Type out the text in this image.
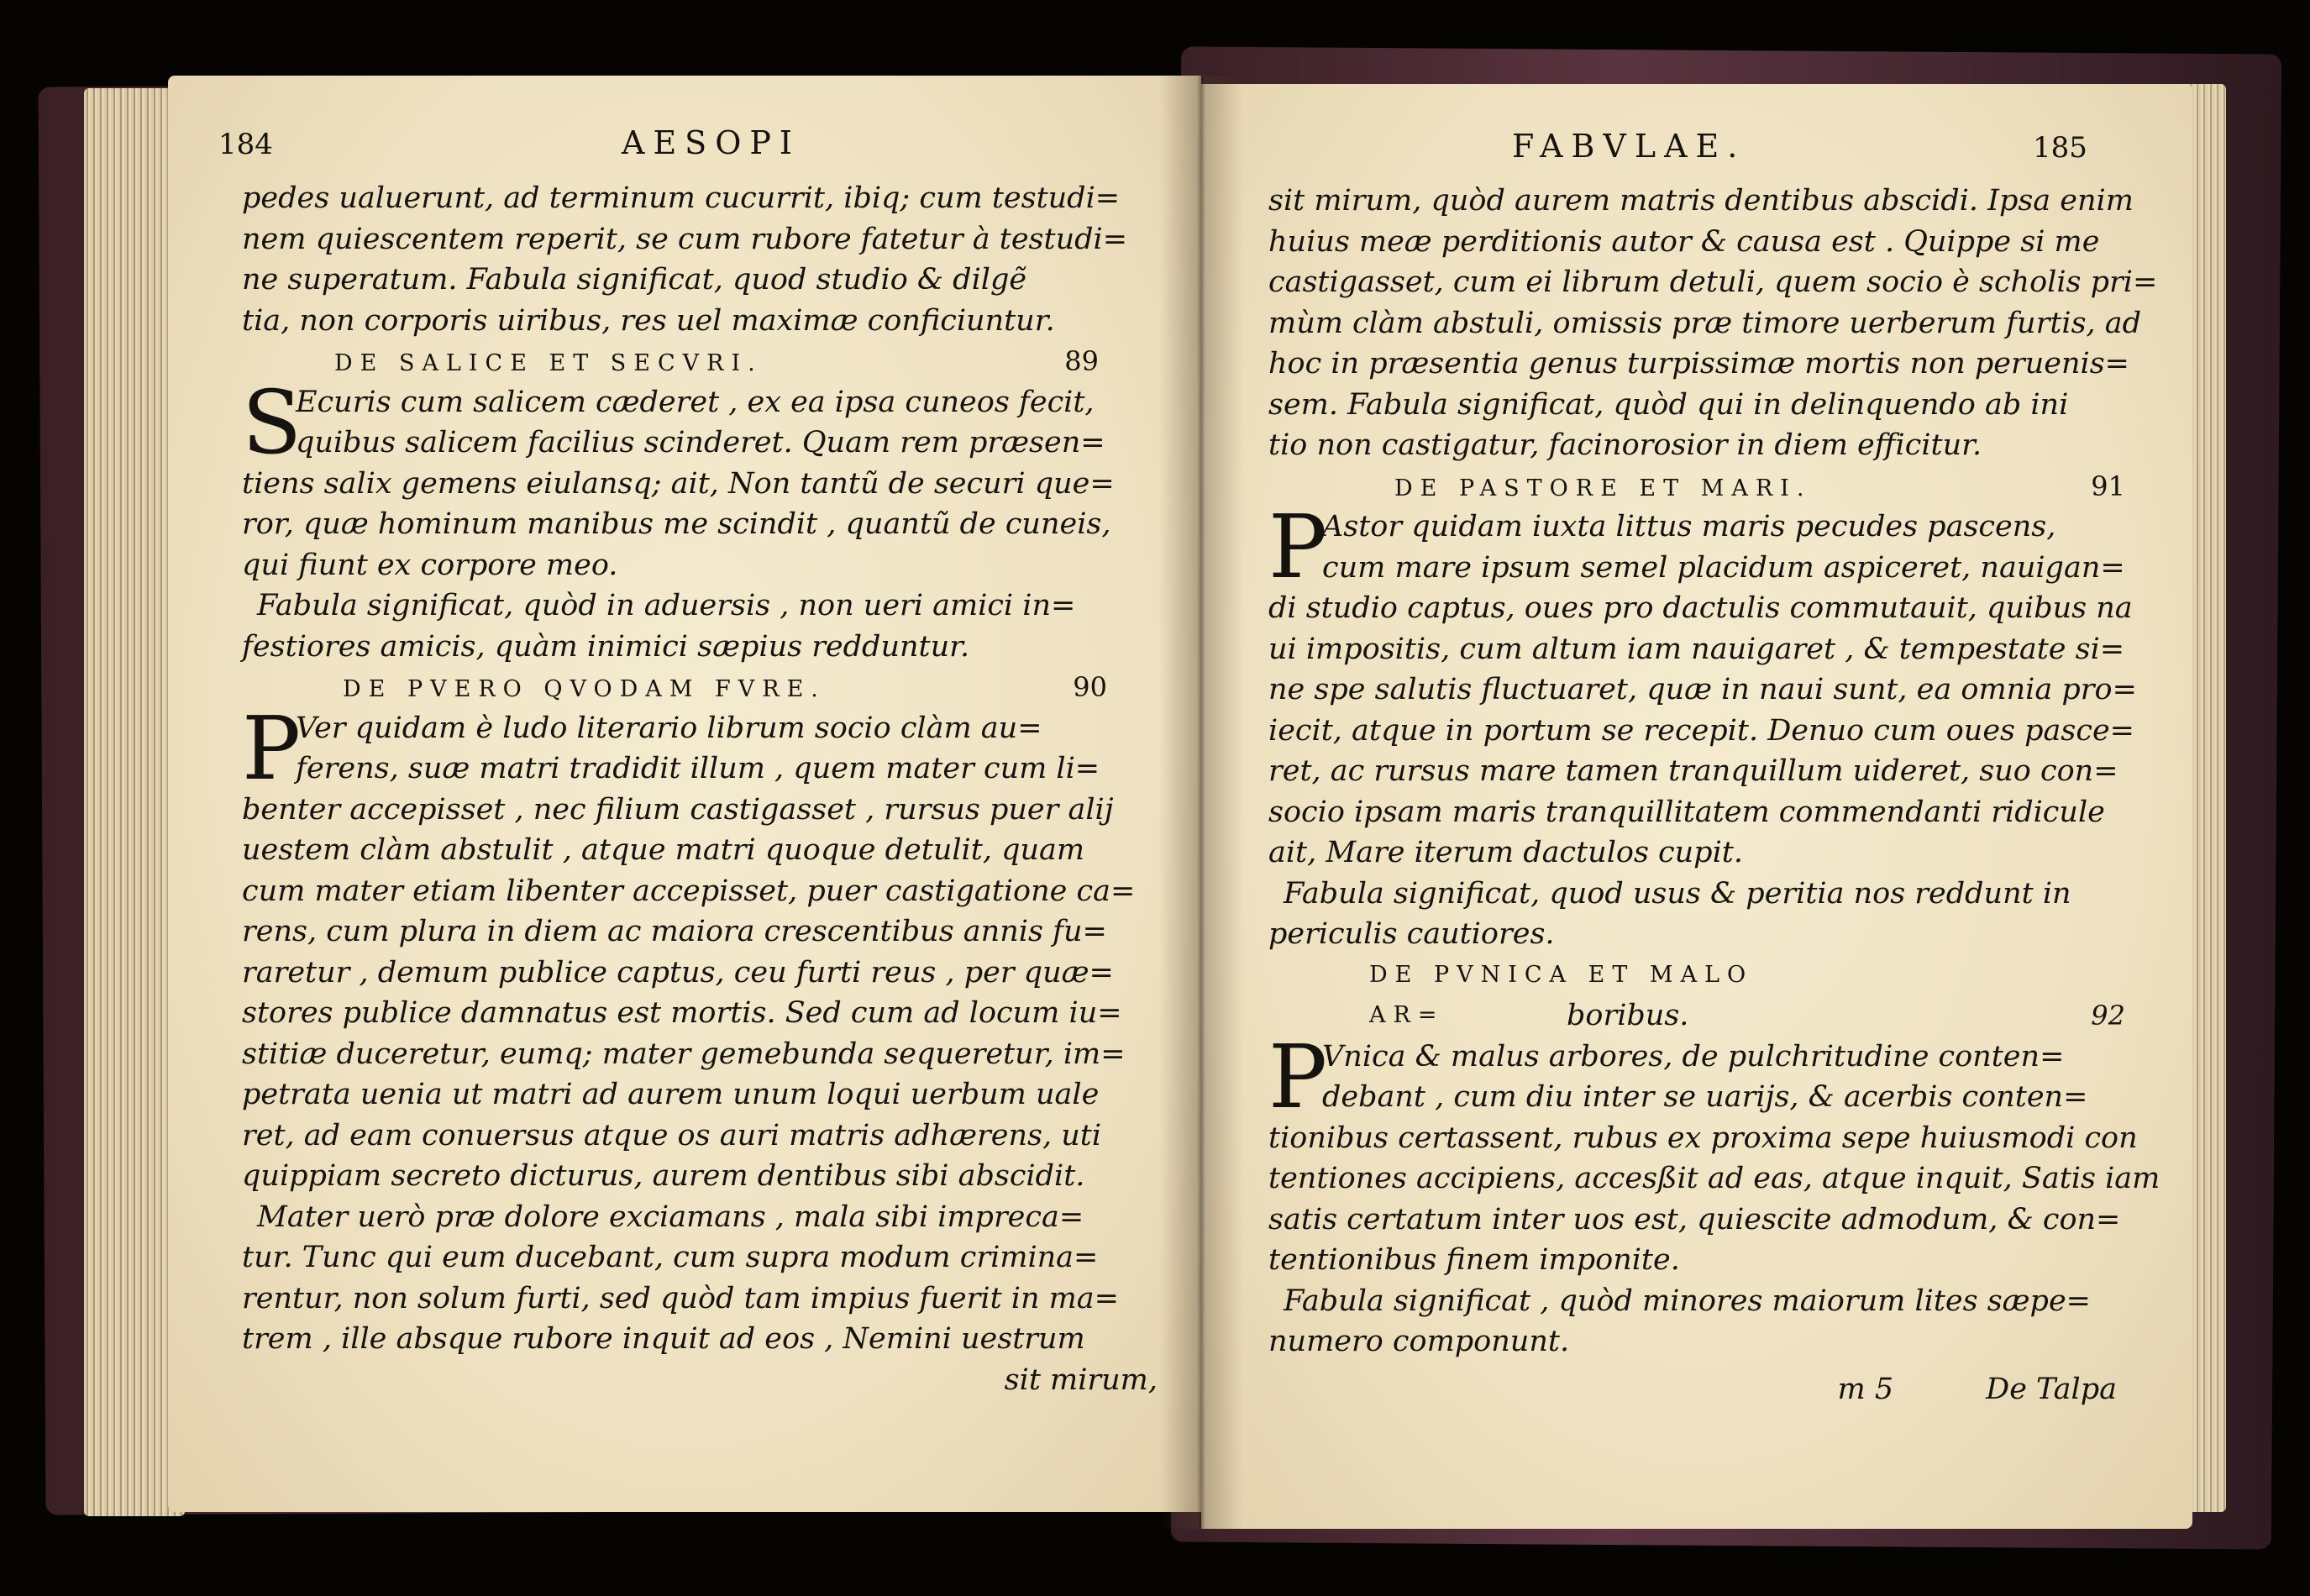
184	AESOPI
pedes ualuerunt, ad terminum cucurrit, ibiq; cum testudi=
nem quiescentem reperit, se cum rubore fatetur à testudi=
ne superatum. Fabula significat, quod studio & dilgẽ
tia, non corporis uiribus, res uel maximæ conficiuntur.
DE SALICE ET SECVRI.	89
S
Ecuris cum salicem cæderet , ex ea ipsa cuneos fecit,
quibus salicem facilius scinderet. Quam rem præsen=
tiens salix gemens eiulansq; ait, Non tantũ de securi que=
ror, quæ hominum manibus me scindit , quantũ de cuneis,
qui fiunt ex corpore meo.
Fabula significat, quòd in aduersis , non ueri amici in=
festiores amicis, quàm inimici sæpius redduntur.
DE PVERO QVODAM FVRE.	90
P
Ver quidam è ludo literario librum socio clàm au=
ferens, suæ matri tradidit illum , quem mater cum li=
benter accepisset , nec filium castigasset , rursus puer alij
uestem clàm abstulit , atque matri quoque detulit, quam
cum mater etiam libenter accepisset, puer castigatione ca=
rens, cum plura in diem ac maiora crescentibus annis fu=
raretur , demum publice captus, ceu furti reus , per quæ=
stores publice damnatus est mortis. Sed cum ad locum iu=
stitiæ duceretur, eumq; mater gemebunda sequeretur, im=
petrata uenia ut matri ad aurem unum loqui uerbum uale
ret, ad eam conuersus atque os auri matris adhærens, uti
quippiam secreto dicturus, aurem dentibus sibi abscidit.
Mater uerò præ dolore exciamans , mala sibi impreca=
tur. Tunc qui eum ducebant, cum supra modum crimina=
rentur, non solum furti, sed quòd tam impius fuerit in ma=
trem , ille absque rubore inquit ad eos , Nemini uestrum
sit mirum,
FABVLAE.	185
sit mirum, quòd aurem matris dentibus abscidi. Ipsa enim
huius meæ perditionis autor & causa est . Quippe si me
castigasset, cum ei librum detuli, quem socio è scholis pri=
mùm clàm abstuli, omissis præ timore uerberum furtis, ad
hoc in præsentia genus turpissimæ mortis non peruenis=
sem. Fabula significat, quòd qui in delinquendo ab ini
tio non castigatur, facinorosior in diem efficitur.
DE PASTORE ET MARI.	91
P
Astor quidam iuxta littus maris pecudes pascens,
cum mare ipsum semel placidum aspiceret, nauigan=
di studio captus, oues pro dactulis commutauit, quibus na
ui impositis, cum altum iam nauigaret , & tempestate si=
ne spe salutis fluctuaret, quæ in naui sunt, ea omnia pro=
iecit, atque in portum se recepit. Denuo cum oues pasce=
ret, ac rursus mare tamen tranquillum uideret, suo con=
socio ipsam maris tranquillitatem commendanti ridicule
ait, Mare iterum dactulos cupit.
Fabula significat, quod usus & peritia nos reddunt in
periculis cautiores.
DE PVNICA ET MALO AR=	boribus.	92
P
Vnica & malus arbores, de pulchritudine conten=
debant , cum diu inter se uarijs, & acerbis conten=
tionibus certassent, rubus ex proxima sepe huiusmodi con
tentiones accipiens, accesßit ad eas, atque inquit, Satis iam
satis certatum inter uos est, quiescite admodum, & con=
tentionibus finem imponite.
Fabula significat , quòd minores maiorum lites sæpe=
numero componunt.
m 5	De Talpa
